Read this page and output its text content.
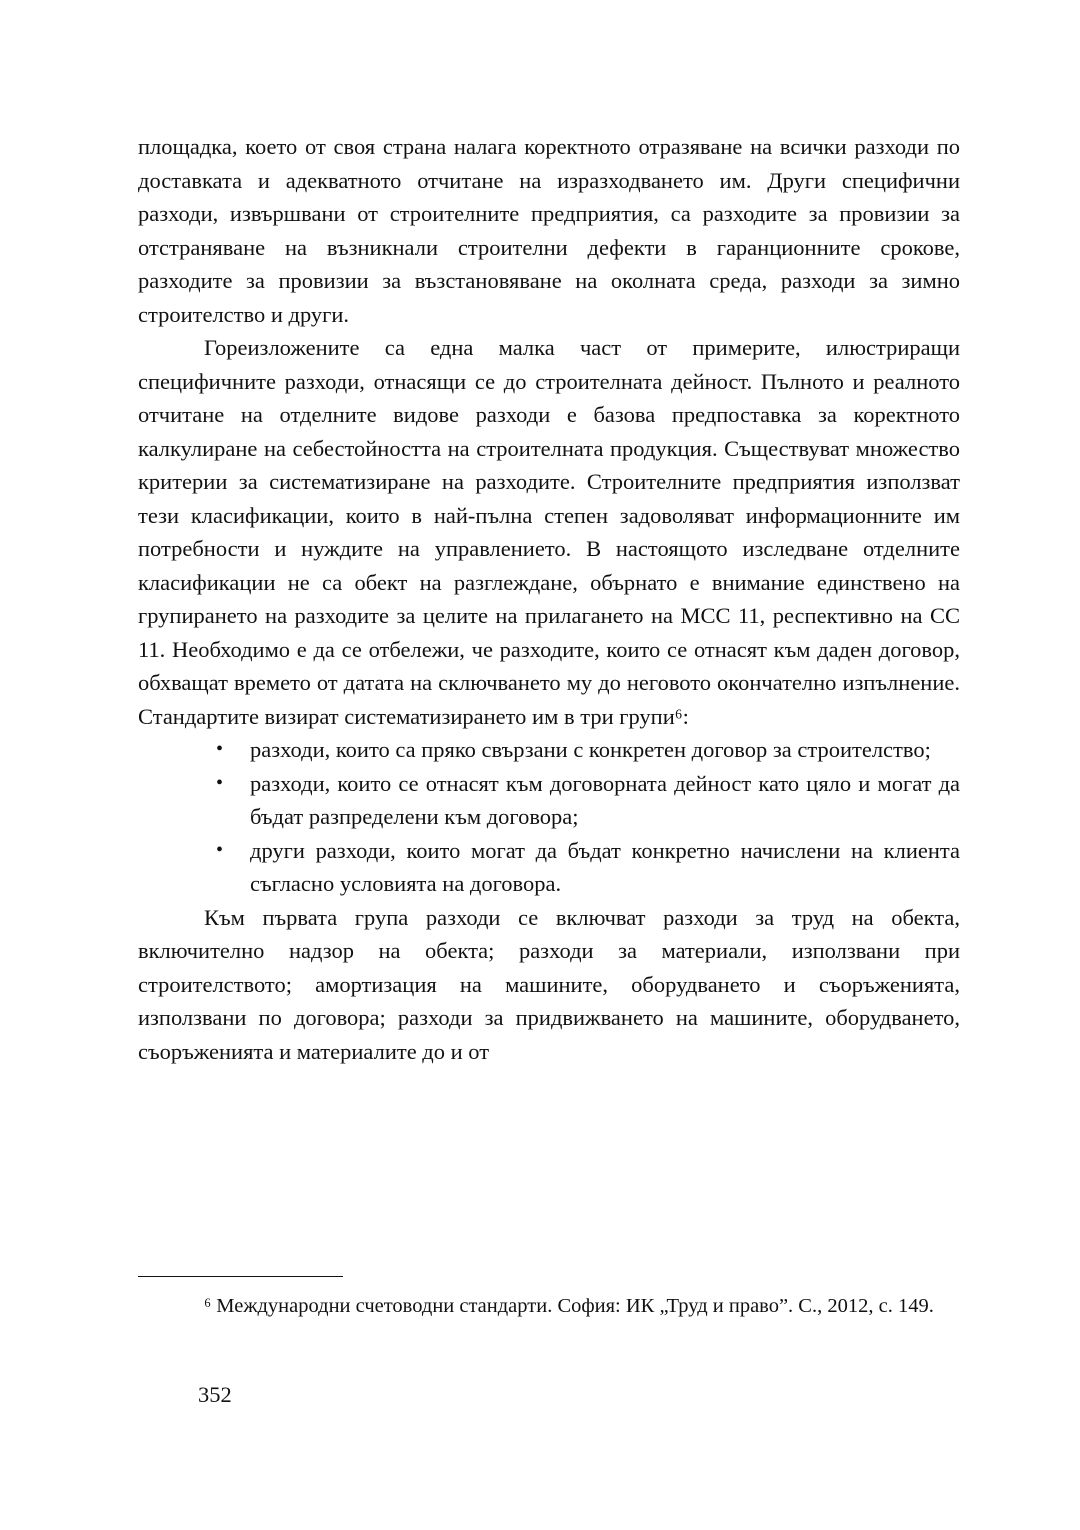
площадка, което от своя страна налага коректното отразяване на всички разходи по доставката и адекватното отчитане на изразходването им. Други специфични разходи, извършвани от строителните предприятия, са разходите за провизии за отстраняване на възникнали строителни дефекти в гаранционните срокове, разходите за провизии за възстановяване на околната среда, разходи за зимно строителство и други.

Гореизложените са една малка част от примерите, илюстриращи специфичните разходи, отнасящи се до строителната дейност. Пълното и реалното отчитане на отделните видове разходи е базова предпоставка за коректното калкулиране на себестойността на строителната продукция. Съществуват множество критерии за систематизиране на разходите. Строителните предприятия използват тези класификации, които в най-пълна степен задоволяват информационните им потребности и нуждите на управлението. В настоящото изследване отделните класификации не са обект на разглеждане, обърнато е внимание единствено на групирането на разходите за целите на прилагането на МСС 11, респективно на СС 11. Необходимо е да се отбележи, че разходите, които се отнасят към даден договор, обхващат времето от датата на сключването му до неговото окончателно изпълнение. Стандартите визират систематизирането им в три групи⁶:

• разходи, които са пряко свързани с конкретен договор за строителство;
• разходи, които се отнасят към договорната дейност като цяло и могат да бъдат разпределени към договора;
• други разходи, които могат да бъдат конкретно начислени на клиента съгласно условията на договора.

Към първата група разходи се включват разходи за труд на обекта, включително надзор на обекта; разходи за материали, използвани при строителството; амортизация на машините, оборудването и съоръженията, използвани по договора; разходи за придвижването на машините, оборудването, съоръженията и материалите до и от

⁶ Международни счетоводни стандарти. София: ИК „Труд и право”. С., 2012, с. 149.

352
